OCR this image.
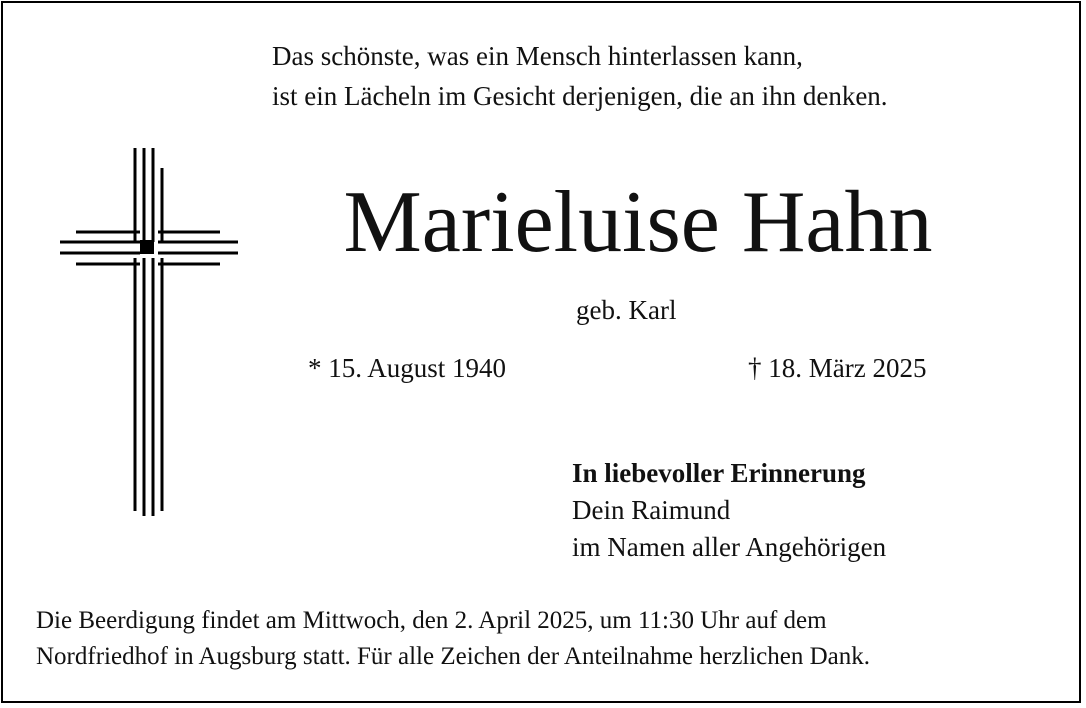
Das schönste, was ein Mensch hinterlassen kann,
ist ein Lächeln im Gesicht derjenigen, die an ihn denken.
Marieluise Hahn
geb. Karl
* 15. August 1940	† 18. März 2025
In liebevoller Erinnerung
Dein Raimund
im Namen aller Angehörigen
Die Beerdigung findet am Mittwoch, den 2. April 2025, um 11:30 Uhr auf dem
Nordfriedhof in Augsburg statt. Für alle Zeichen der Anteilnahme herzlichen Dank.
